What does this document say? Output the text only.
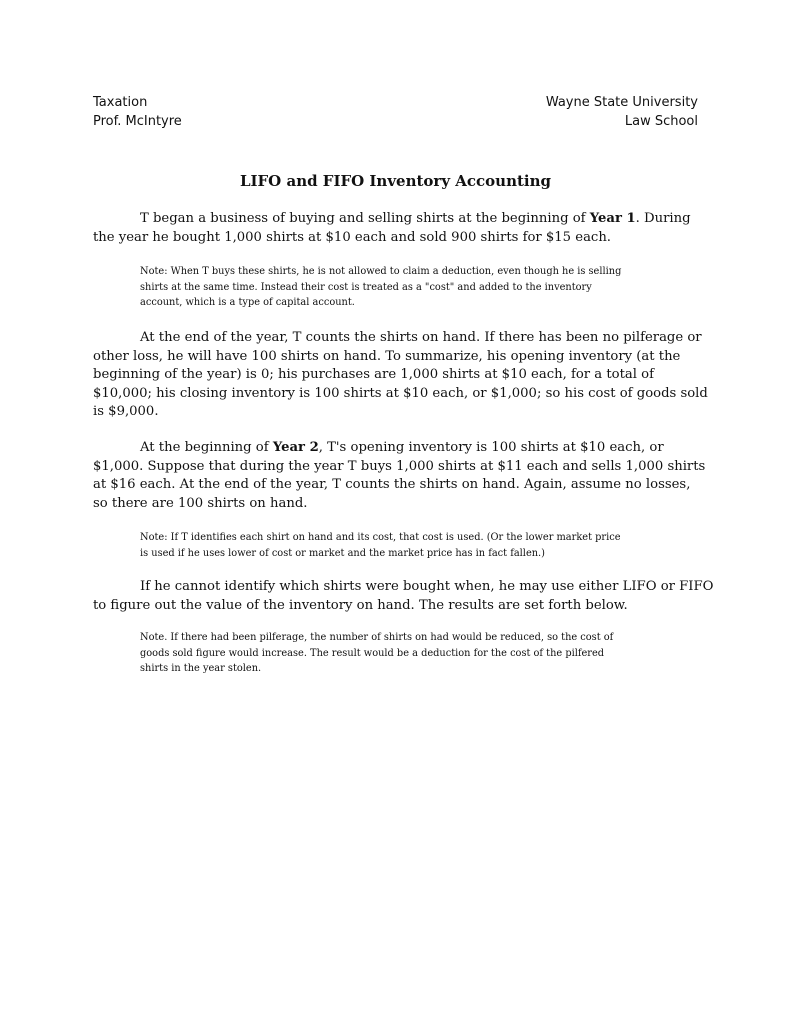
Taxation	Wayne State University
Prof. McIntyre	Law School
LIFO and FIFO Inventory Accounting
T began a business of buying and selling shirts at the beginning of Year 1. During
the year he bought 1,000 shirts at $10 each and sold 900 shirts for $15 each.
Note: When T buys these shirts, he is not allowed to claim a deduction, even though he is selling
shirts at the same time. Instead their cost is treated as a "cost" and added to the inventory
account, which is a type of capital account.
At the end of the year, T counts the shirts on hand. If there has been no pilferage or
other loss, he will have 100 shirts on hand. To summarize, his opening inventory (at the
beginning of the year) is 0; his purchases are 1,000 shirts at $10 each, for a total of
$10,000; his closing inventory is 100 shirts at $10 each, or $1,000; so his cost of goods sold
is $9,000.
At the beginning of Year 2, T's opening inventory is 100 shirts at $10 each, or
$1,000. Suppose that during the year T buys 1,000 shirts at $11 each and sells 1,000 shirts
at $16 each. At the end of the year, T counts the shirts on hand. Again, assume no losses,
so there are 100 shirts on hand.
Note: If T identifies each shirt on hand and its cost, that cost is used. (Or the lower market price
is used if he uses lower of cost or market and the market price has in fact fallen.)
If he cannot identify which shirts were bought when, he may use either LIFO or FIFO
to figure out the value of the inventory on hand. The results are set forth below.
Note. If there had been pilferage, the number of shirts on had would be reduced, so the cost of
goods sold figure would increase. The result would be a deduction for the cost of the pilfered
shirts in the year stolen.
